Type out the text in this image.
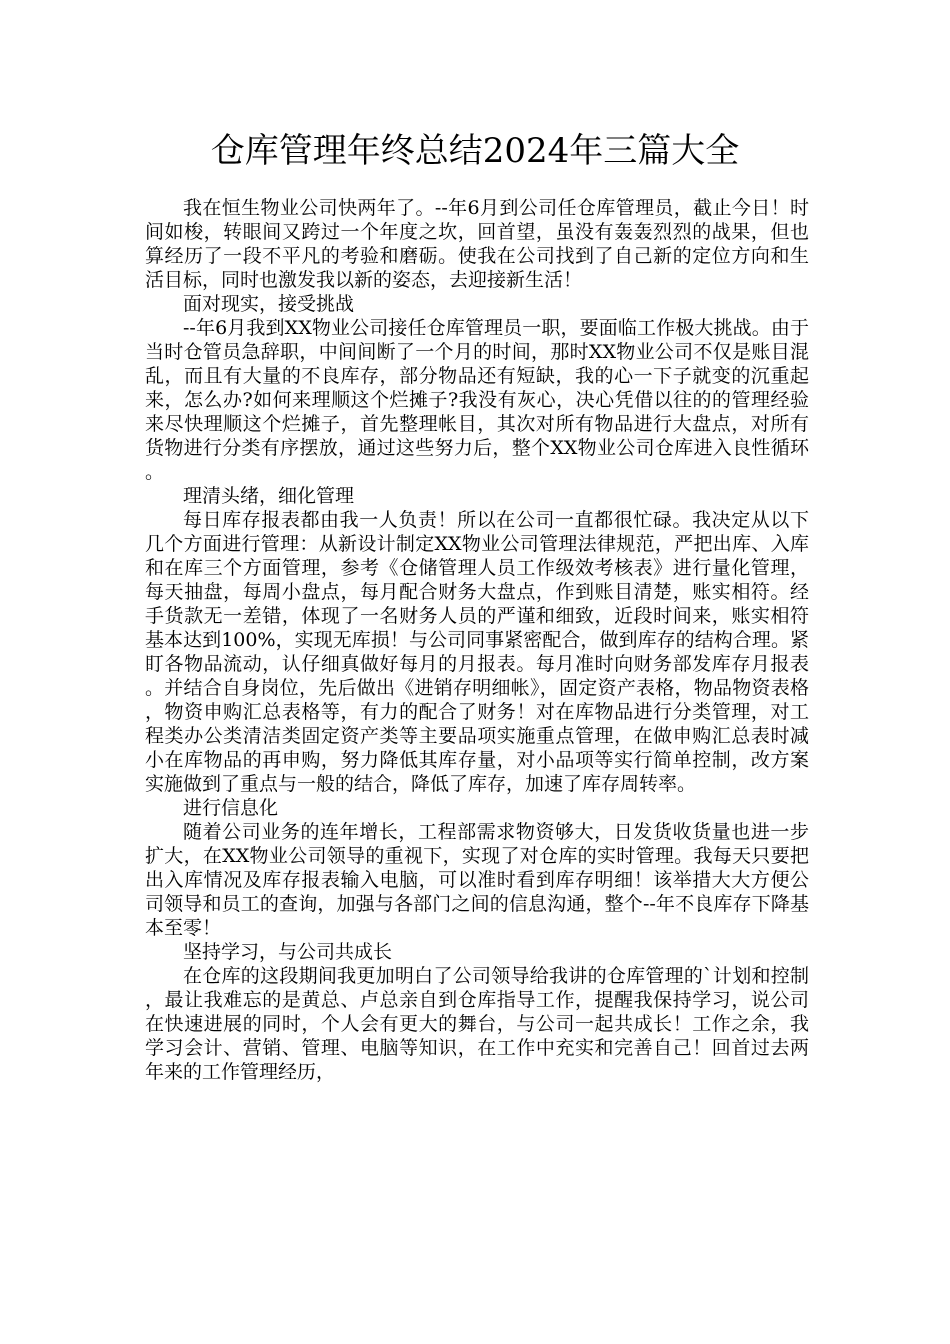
仓库管理年终总结2024年三篇大全

我在恒生物业公司快两年了。--年6月到公司任仓库管理员，截止今日！时间如梭，转眼间又跨过一个年度之坎，回首望，虽没有轰轰烈烈的战果，但也算经历了一段不平凡的考验和磨砺。使我在公司找到了自己新的定位方向和生活目标，同时也激发我以新的姿态，去迎接新生活！

面对现实，接受挑战

--年6月我到XX物业公司接任仓库管理员一职，要面临工作极大挑战。由于当时仓管员急辞职，中间间断了一个月的时间，那时XX物业公司不仅是账目混乱，而且有大量的不良库存，部分物品还有短缺，我的心一下子就变的沉重起来，怎么办?如何来理顺这个烂摊子?我没有灰心，决心凭借以往的的管理经验来尽快理顺这个烂摊子，首先整理帐目，其次对所有物品进行大盘点，对所有货物进行分类有序摆放，通过这些努力后，整个XX物业公司仓库进入良性循环。

理清头绪，细化管理

每日库存报表都由我一人负责！所以在公司一直都很忙碌。我决定从以下几个方面进行管理：从新设计制定XX物业公司管理法律规范，严把出库、入库和在库三个方面管理，参考《仓储管理人员工作级效考核表》进行量化管理，每天抽盘，每周小盘点，每月配合财务大盘点，作到账目清楚，账实相符。经手货款无一差错，体现了一名财务人员的严谨和细致，近段时间来，账实相符基本达到100%，实现无库损！与公司同事紧密配合，做到库存的结构合理。紧盯各物品流动，认仔细真做好每月的月报表。每月准时向财务部发库存月报表。并结合自身岗位，先后做出《进销存明细帐》，固定资产表格，物品物资表格，物资申购汇总表格等，有力的配合了财务！对在库物品进行分类管理，对工程类办公类清洁类固定资产类等主要品项实施重点管理，在做申购汇总表时减小在库物品的再申购，努力降低其库存量，对小品项等实行简单控制，改方案实施做到了重点与一般的结合，降低了库存，加速了库存周转率。

进行信息化

随着公司业务的连年增长，工程部需求物资够大，日发货收货量也进一步扩大，在XX物业公司领导的重视下，实现了对仓库的实时管理。我每天只要把出入库情况及库存报表输入电脑，可以准时看到库存明细！该举措大大方便公司领导和员工的查询，加强与各部门之间的信息沟通，整个--年不良库存下降基本至零！

坚持学习，与公司共成长

在仓库的这段期间我更加明白了公司领导给我讲的仓库管理的`计划和控制，最让我难忘的是黄总、卢总亲自到仓库指导工作，提醒我保持学习，说公司在快速进展的同时，个人会有更大的舞台，与公司一起共成长！工作之余，我学习会计、营销、管理、电脑等知识，在工作中充实和完善自己！回首过去两年来的工作管理经历，
